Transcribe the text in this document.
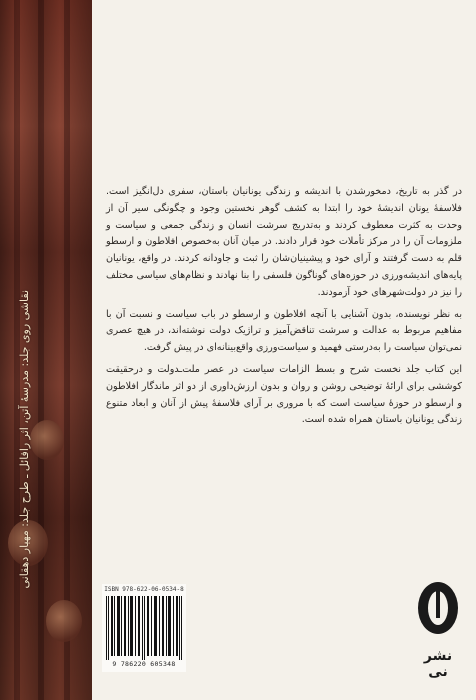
نقاشی روی جلد: مدرسهٔ آتن، اثر رافائل ـ طرح جلد: مهیار دهقانی

در گذر به تاریخ، دمخورشدن با اندیشه و زندگی یونانیان باستان، سفری دل‌انگیز است. فلاسفهٔ یونان اندیشهٔ خود را ابتدا به کشف گوهر نخستین وجود و چگونگی سیر آن از وحدت به کثرت معطوف کردند و به‌تدریج سرشت انسان و زندگی جمعی و سیاست و ملزومات آن را در مرکز تأملات خود قرار دادند. در میان آنان به‌خصوص افلاطون و ارسطو قلم به دست گرفتند و آرای خود و پیشینیان‌شان را ثبت و جاودانه کردند. در واقع، یونانیان پایه‌های اندیشه‌ورزی در حوزه‌های گوناگون فلسفی را بنا نهادند و نظام‌های سیاسی مختلف را نیز در دولت‌شهرهای خود آزمودند.

به نظر نویسنده، بدون آشنایی با آنچه افلاطون و ارسطو در باب سیاست و نسبت آن با مفاهیم مربوط به عدالت و سرشت تناقض‌آمیز و تراژیک دولت نوشته‌اند، در هیچ عصری نمی‌توان سیاست را به‌درستی فهمید و سیاست‌ورزی واقع‌بینانه‌ای در پیش گرفت.

این کتاب جلد نخست شرح و بسط الزامات سیاست در عصر ملت‌ـدولت و درحقیقت کوششی برای ارائهٔ توضیحی روشن و روان و بدون ارزش‌داوری از دو اثر ماندگار افلاطون و ارسطو در حوزهٔ سیاست است که با مروری بر آرای فلاسفهٔ پیش از آنان و ابعاد متنوع زندگی یونانیان باستان همراه شده است.

ISBN 978-622-06-0534-8
9 786220 605348	نشر نی
